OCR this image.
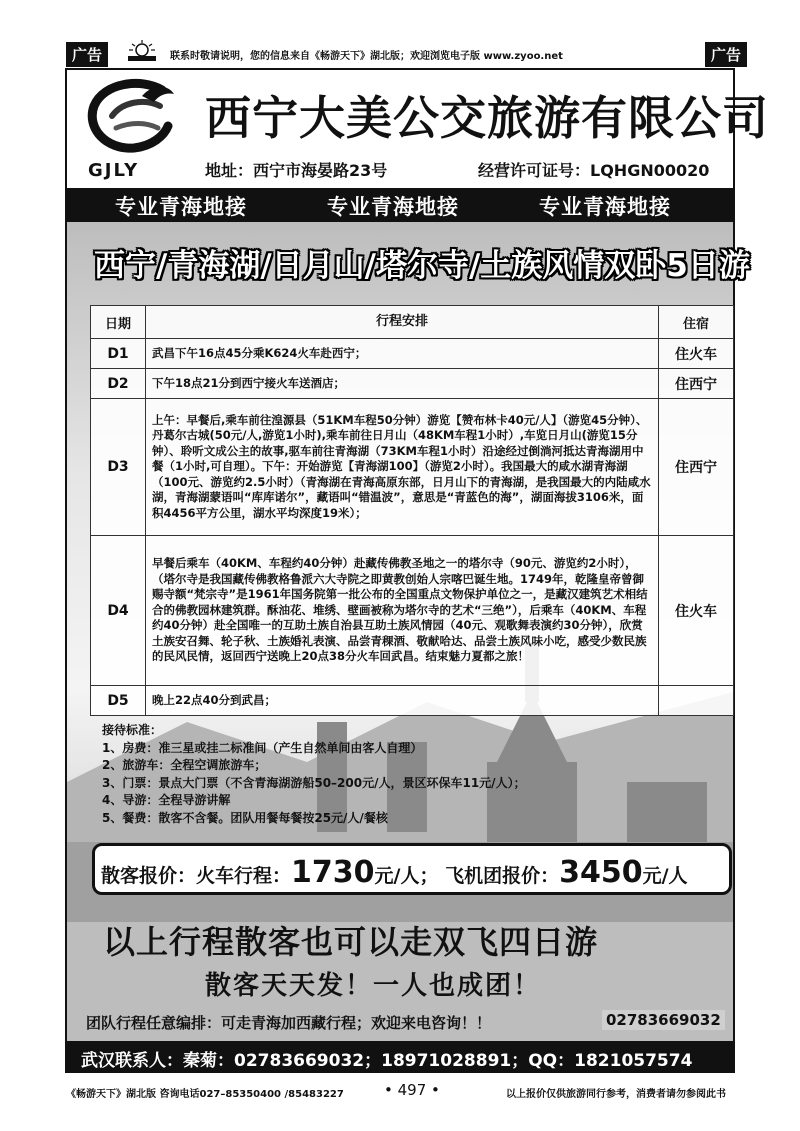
广告	联系时敬请说明，您的信息来自《畅游天下》湖北版；欢迎浏览电子版 www.zyoo.net	广告
GJLY
西宁大美公交旅游有限公司
地址：西宁市海晏路23号	经营许可证号：LQHGN00020
专业青海地接	专业青海地接	专业青海地接
西宁/青海湖/日月山/塔尔寺/土族风情双卧5日游
日期	行程安排	住宿
D1	武昌下午16点45分乘K624火车赴西宁；	住火车
D2	下午18点21分到西宁接火车送酒店；	住西宁
D3	上午：早餐后,乘车前往湟源县（51KM车程50分钟）游览【赞布林卡40元/人】（游览45分钟）、丹葛尔古城(50元/人,游览1小时),乘车前往日月山（48KM车程1小时）,车览日月山(游览15分钟）、聆听文成公主的故事,驱车前往青海湖（73KM车程1小时）沿途经过倒淌河抵达青海湖用中餐（1小时,可自理）。下午：开始游览【青海湖100】（游览2小时）。我国最大的咸水湖青海湖（100元、游览约2.5小时）（青海湖在青海高原东部，日月山下的青海湖，是我国最大的内陆咸水湖，青海湖蒙语叫“库库诺尔”，藏语叫“错温波”，意思是“青蓝色的海”，湖面海拔3106米，面积4456平方公里，湖水平均深度19米）；	住西宁
D4	早餐后乘车（40KM、车程约40分钟）赴藏传佛教圣地之一的塔尔寺（90元、游览约2小时），（塔尔寺是我国藏传佛教格鲁派六大寺院之即黄教创始人宗喀巴诞生地。1749年，乾隆皇帝曾御赐寺额“梵宗寺”是1961年国务院第一批公布的全国重点文物保护单位之一，是藏汉建筑艺术相结合的佛教园林建筑群。酥油花、堆绣、壁画被称为塔尔寺的艺术“三绝”），后乘车（40KM、车程约40分钟）赴全国唯一的互助土族自治县互助土族风情园（40元、观歌舞表演约30分钟），欣赏土族安召舞、轮子秋、土族婚礼表演、品尝青稞酒、敬献哈达、品尝土族风味小吃，感受少数民族的民风民情，返回西宁送晚上20点38分火车回武昌。结束魅力夏都之旅！	住火车
D5	晚上22点40分到武昌；	
接待标准：
1、房费：准三星或挂二标准间（产生自然单间由客人自理）
2、旅游车：全程空调旅游车；
3、门票：景点大门票（不含青海湖游船50–200元/人，景区环保车11元/人）；
4、导游：全程导游讲解
5、餐费：散客不含餐。团队用餐每餐按25元/人/餐核
散客报价：火车行程：1730元/人； 飞机团报价：3450元/人
以上行程散客也可以走双飞四日游
散客天天发！一人也成团！
团队行程任意编排：可走青海加西藏行程；欢迎来电咨询！！	02783669032
武汉联系人：秦菊：02783669032；18971028891；QQ：1821057574
《畅游天下》湖北版 咨询电话027–85350400 /85483227	• 497 •	以上报价仅供旅游同行参考，消费者请勿参阅此书
